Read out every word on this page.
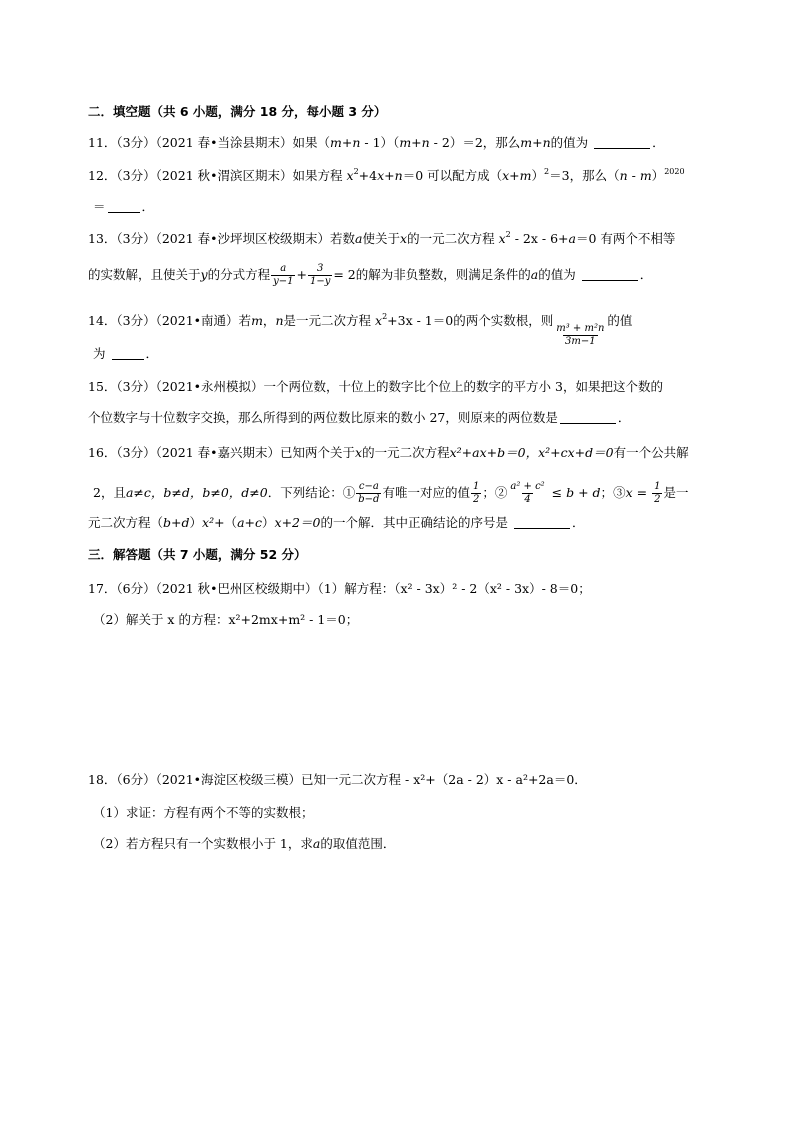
二．填空题（共 6 小题，满分 18 分，每小题 3 分）
11．（3分）（2021 春•当涂县期末）如果（m+n - 1）（m+n - 2）＝2，那么m+n的值为	．
12．（3分）（2021 秋•渭滨区期末）如果方程 $x^2+4x+n=0$ 可以配方成$(x+m)^2=3$，那么（n - m）$^{2020}$
＝	．
13．（3分）（2021 春•沙坪坝区校级期末）若数a使关于x的一元二次方程 $x^2 - 2x - 6+a=0$ 有两个不相等
的实数解，且使关于y的分式方程 $\frac{a}{y-1} + \frac{3}{1-y} = 2$的解为非负整数，则满足条件的a的值为	．
14．（3分）（2021•南通）若m，n是一元二次方程 $x^2+3x - 1=0$的两个实数根，则
$\frac{\text{m³ + m²n}}{3m-1}$
的值
为	．
15．（3分）（2021•永州模拟）一个两位数，十位上的数字比个位上的数字的平方小 3，如果把这个数的
个位数字与十位数字交换，那么所得到的两位数比原来的数小 27，则原来的两位数是	．
16．（3分）（2021 春•嘉兴期末）已知两个关于x的一元二次方程x²+ax+b＝0，x²+cx+d＝0有一个公共解
2，且a≠c，b≠d，b≠0，d≠0．下列结论：① $\frac{c-a}{b-d}$ 有唯一对应的值 $\frac{1}{2}$ ；② $\frac{\text{a² + c²}}{4} \le b + d$；③x = $\frac{1}{2}$ 是一
元二次方程（b+d）x²+（a+c）x+2＝0的一个解．其中正确结论的序号是	．
三．解答题（共 7 小题，满分 52 分）
17．（6分）（2021 秋•巴州区校级期中）（1）解方程：（x² - 3x）² - 2（x² - 3x）- 8＝0；
（2）解关于 x 的方程：x²+2mx+m² - 1＝0；
18．（6分）（2021•海淀区校级三模）已知一元二次方程 - x²+（2a - 2）x - a²+2a＝0．
（1）求证：方程有两个不等的实数根；
（2）若方程只有一个实数根小于 1，求a的取值范围．
